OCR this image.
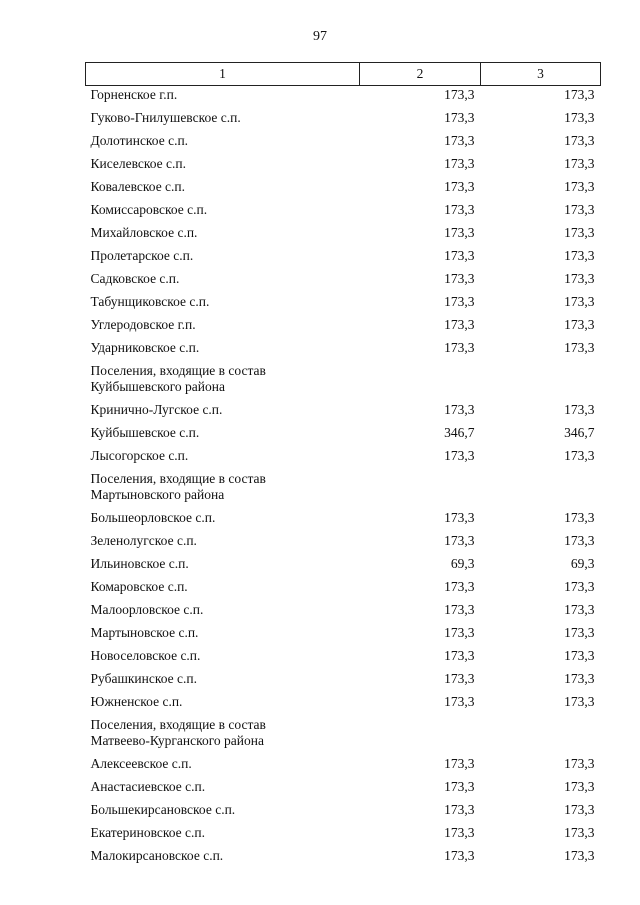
97
1	2	3
Горненское г.п.	173,3	173,3
Гуково-Гнилушевское с.п.	173,3	173,3
Долотинское с.п.	173,3	173,3
Киселевское с.п.	173,3	173,3
Ковалевское с.п.	173,3	173,3
Комиссаровское с.п.	173,3	173,3
Михайловское с.п.	173,3	173,3
Пролетарское с.п.	173,3	173,3
Садковское с.п.	173,3	173,3
Табунщиковское с.п.	173,3	173,3
Углеродовское г.п.	173,3	173,3
Ударниковское с.п.	173,3	173,3

Поселения, входящие в состав
Куйбышевского района		

Кринично-Лугское с.п.	173,3	173,3
Куйбышевское с.п.	346,7	346,7
Лысогорское с.п.	173,3	173,3

Поселения, входящие в состав
Мартыновского района		

Большеорловское с.п.	173,3	173,3
Зеленолугское с.п.	173,3	173,3
Ильиновское с.п.	69,3	69,3
Комаровское с.п.	173,3	173,3
Малоорловское с.п.	173,3	173,3
Мартыновское с.п.	173,3	173,3
Новоселовское с.п.	173,3	173,3
Рубашкинское с.п.	173,3	173,3
Южненское с.п.	173,3	173,3

Поселения, входящие в состав
Матвеево-Курганского района		

Алексеевское с.п.	173,3	173,3
Анастасиевское с.п.	173,3	173,3
Большекирсановское с.п.	173,3	173,3
Екатериновское с.п.	173,3	173,3
Малокирсановское с.п.	173,3	173,3
